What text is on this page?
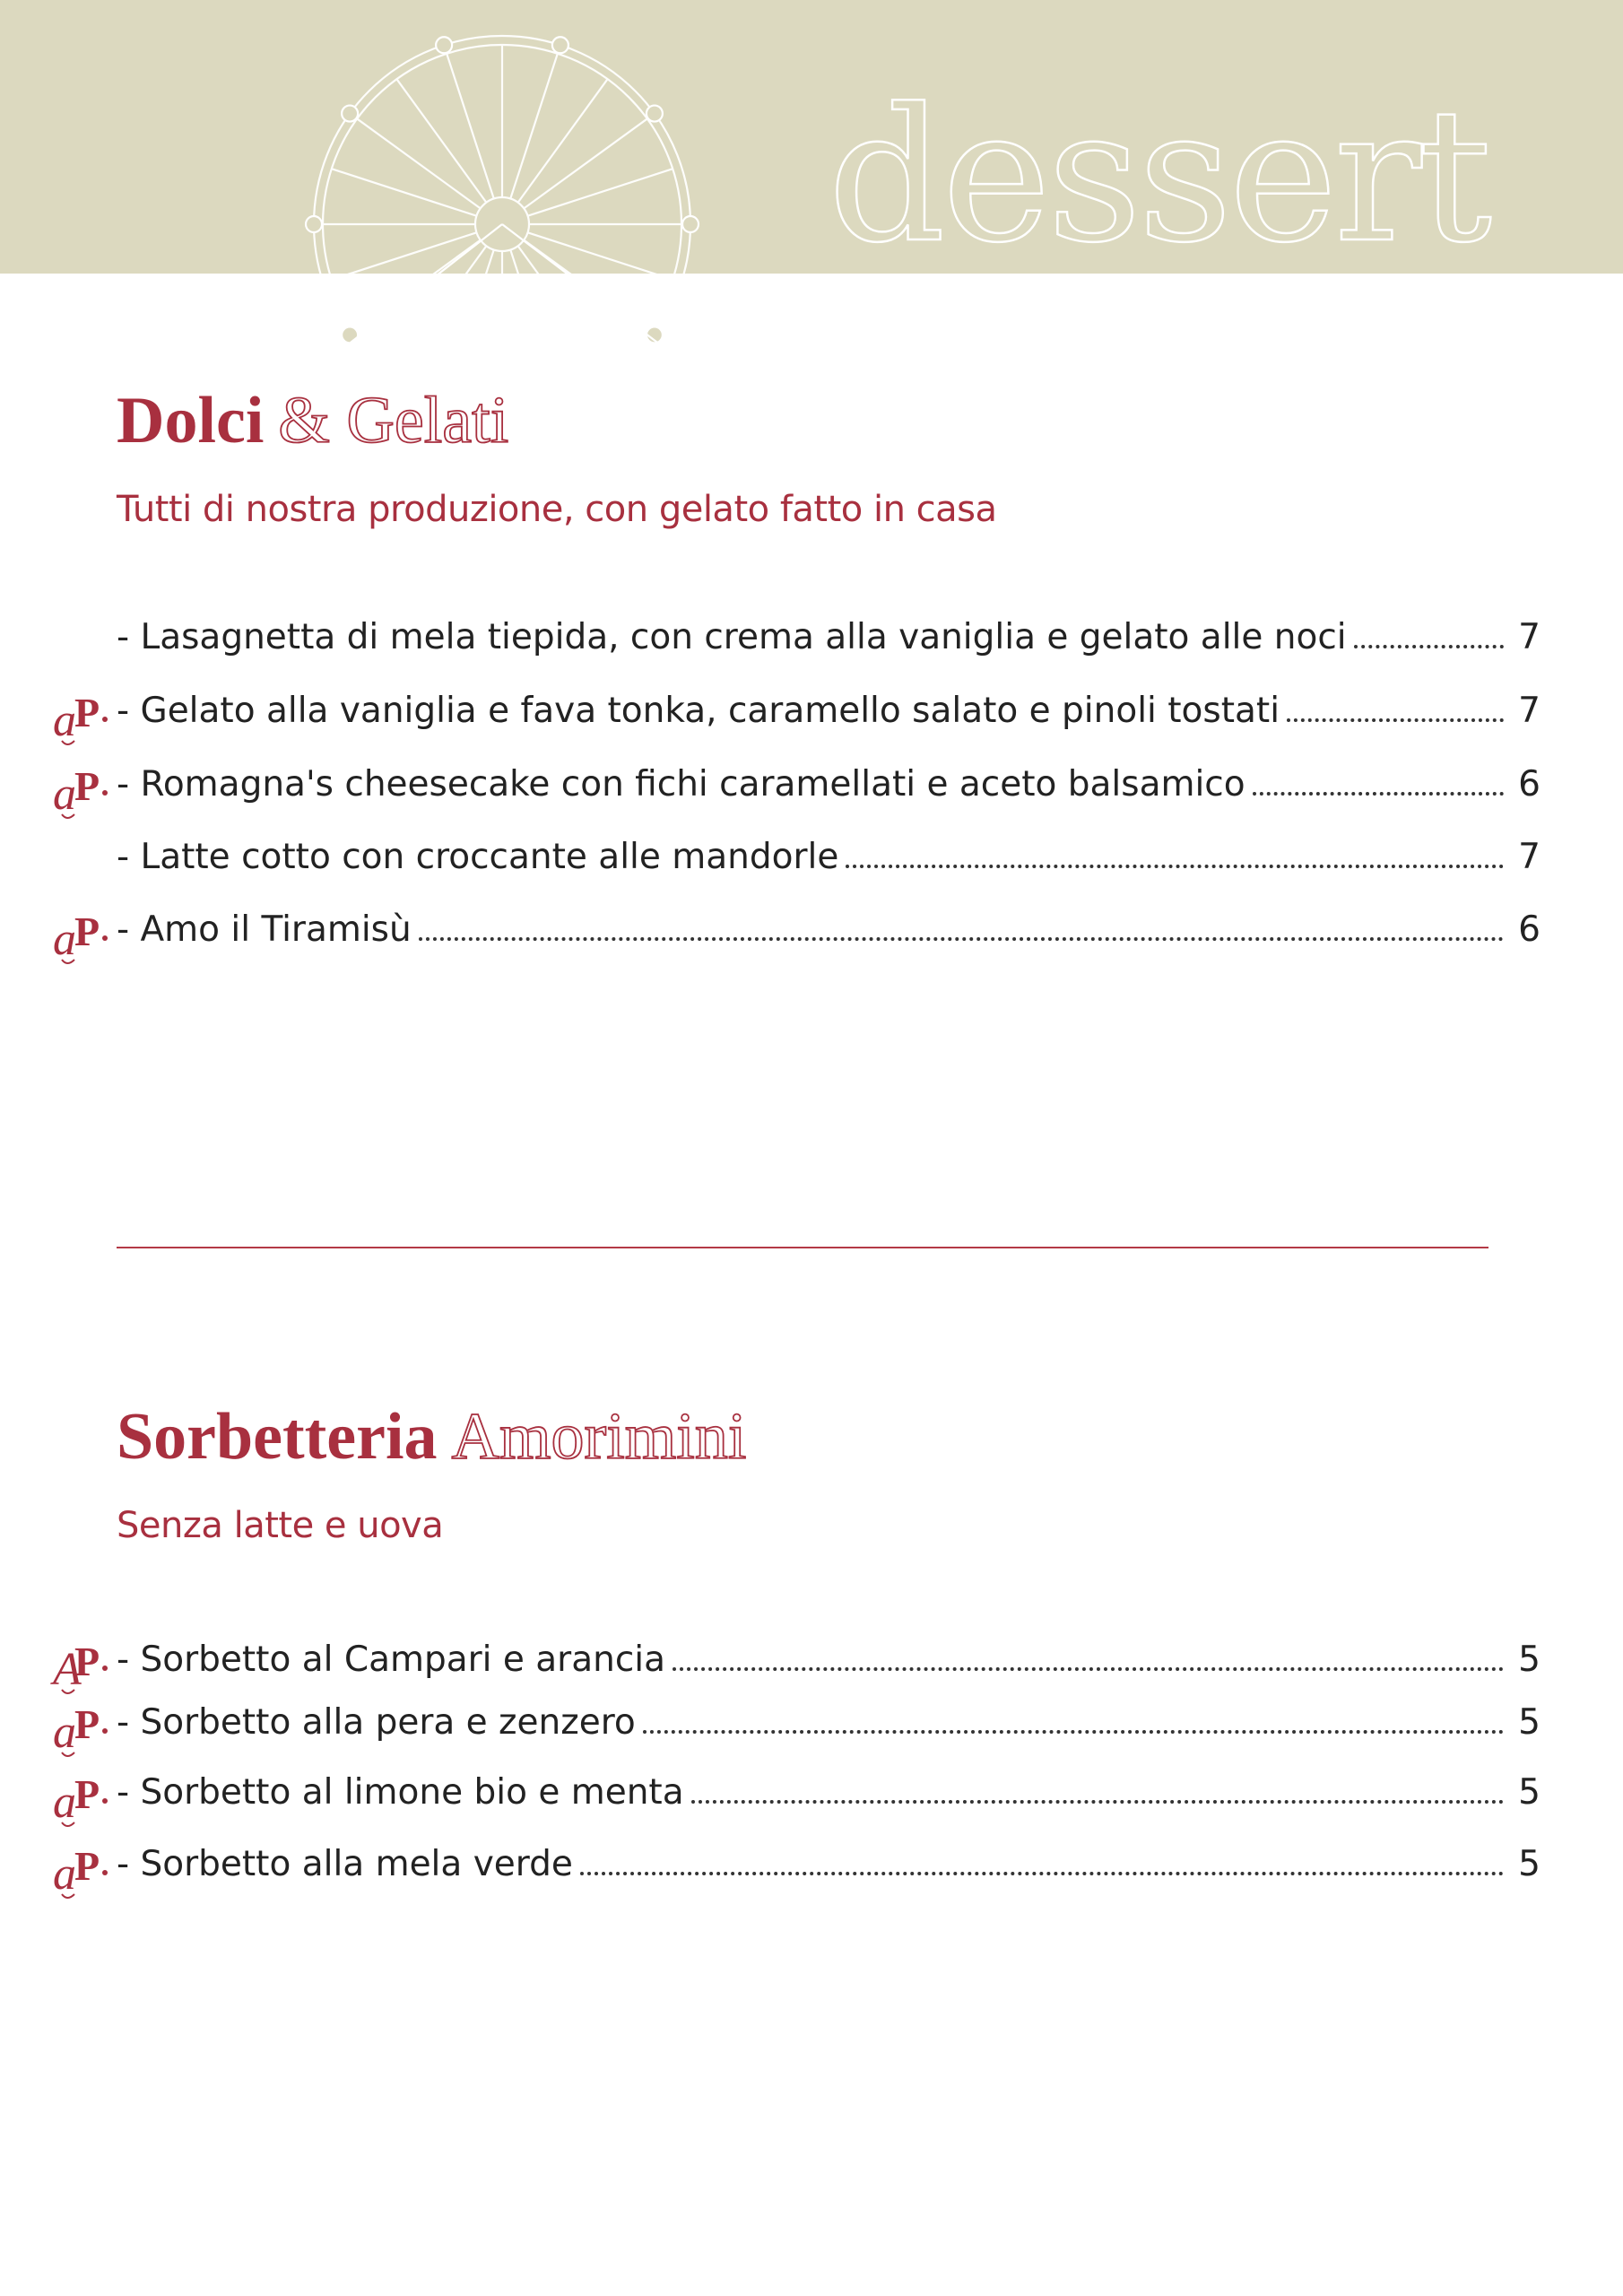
dessert
Dolci & Gelati
Tutti di nostra produzione, con gelato fatto in casa
- Lasagnetta di mela tiepida, con crema alla vaniglia e gelato alle noci	7
a
P - Gelato alla vaniglia e fava tonka, caramello salato e pinoli tostati	7
a
P - Romagna's cheesecake con fichi caramellati e aceto balsamico	6
- Latte cotto con croccante alle mandorle	7
a
P - Amo il Tiramisù	6
Sorbetteria Amorimini
Senza latte e uova
A
P - Sorbetto al Campari e arancia	5
a
P - Sorbetto alla pera e zenzero	5
a
P - Sorbetto al limone bio e menta	5
a
P - Sorbetto alla mela verde	5
